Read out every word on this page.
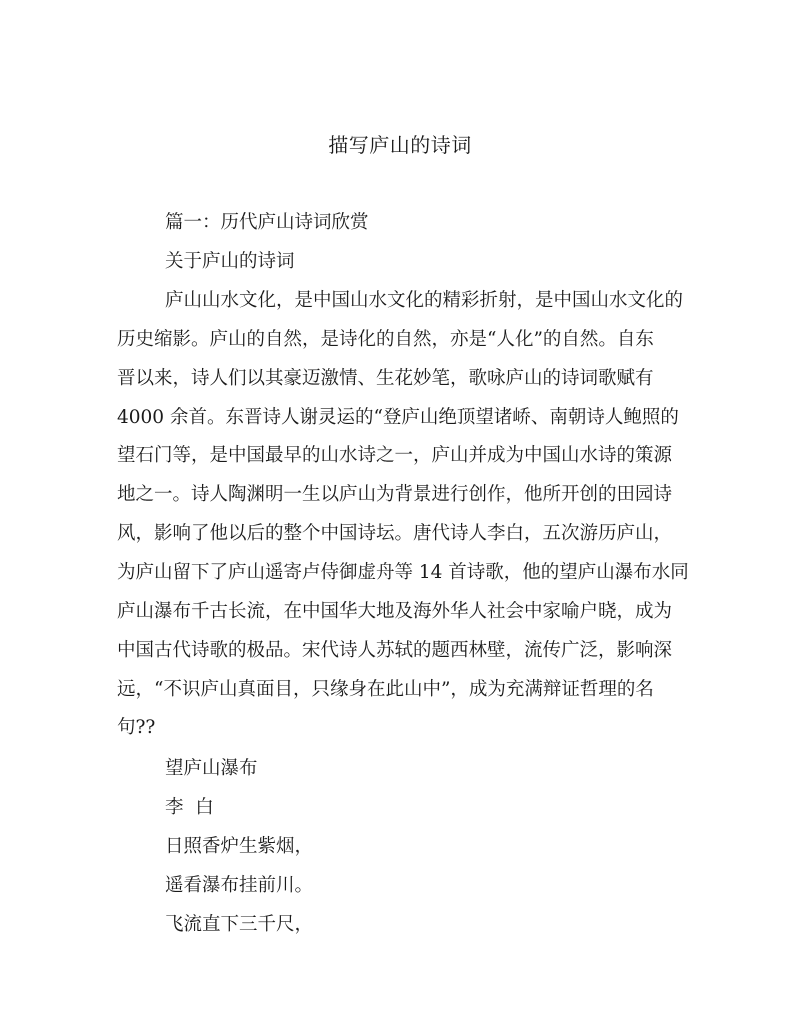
描写庐山的诗词
篇一：历代庐山诗词欣赏
关于庐山的诗词
庐山山水文化，是中国山水文化的精彩折射，是中国山水文化的
历史缩影。庐山的自然，是诗化的自然，亦是“人化”的自然。自东
晋以来，诗人们以其豪迈激情、生花妙笔，歌咏庐山的诗词歌赋有
4000 余首。东晋诗人谢灵运的“登庐山绝顶望诸峤、南朝诗人鲍照的
望石门等，是中国最早的山水诗之一，庐山并成为中国山水诗的策源
地之一。诗人陶渊明一生以庐山为背景进行创作，他所开创的田园诗
风，影响了他以后的整个中国诗坛。唐代诗人李白，五次游历庐山，
为庐山留下了庐山遥寄卢侍御虚舟等 14 首诗歌，他的望庐山瀑布水同
庐山瀑布千古长流，在中国华大地及海外华人社会中家喻户晓，成为
中国古代诗歌的极品。宋代诗人苏轼的题西林壁，流传广泛，影响深
远，“不识庐山真面目，只缘身在此山中”，成为充满辩证哲理的名
句??
望庐山瀑布
李  白
日照香炉生紫烟，
遥看瀑布挂前川。
飞流直下三千尺，
